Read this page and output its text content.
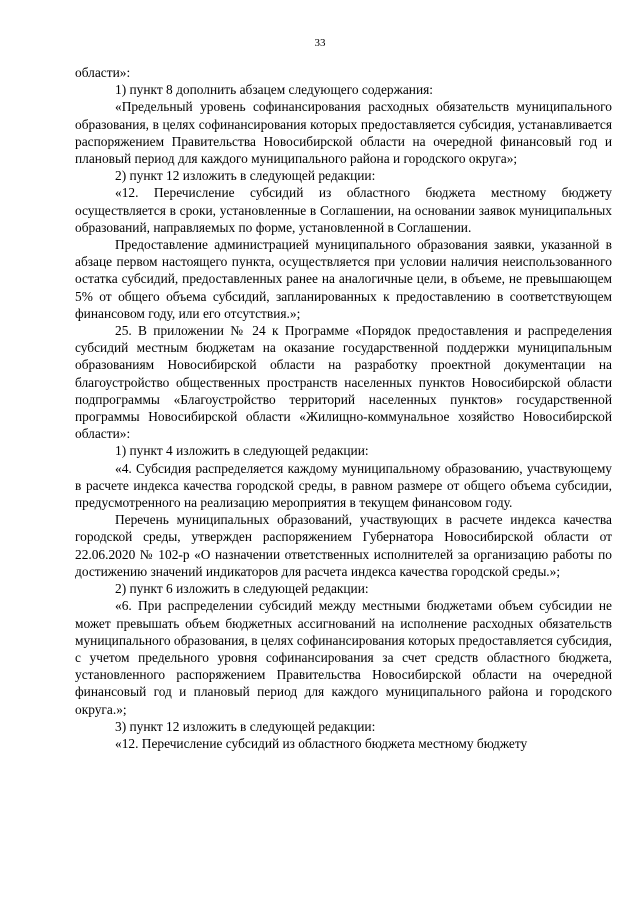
33

области»:

1) пункт 8 дополнить абзацем следующего содержания:

«Предельный уровень софинансирования расходных обязательств муниципального образования, в целях софинансирования которых предоставляется субсидия, устанавливается распоряжением Правительства Новосибирской области на очередной финансовый год и плановый период для каждого муниципального района и городского округа»;

2) пункт 12 изложить в следующей редакции:

«12. Перечисление субсидий из областного бюджета местному бюджету осуществляется в сроки, установленные в Соглашении, на основании заявок муниципальных образований, направляемых по форме, установленной в Соглашении.

Предоставление администрацией муниципального образования заявки, указанной в абзаце первом настоящего пункта, осуществляется при условии наличия неиспользованного остатка субсидий, предоставленных ранее на аналогичные цели, в объеме, не превышающем 5% от общего объема субсидий, запланированных к предоставлению в соответствующем финансовом году, или его отсутствия.»;

25. В приложении № 24 к Программе «Порядок предоставления и распределения субсидий местным бюджетам на оказание государственной поддержки муниципальным образованиям Новосибирской области на разработку проектной документации на благоустройство общественных пространств населенных пунктов Новосибирской области подпрограммы «Благоустройство территорий населенных пунктов» государственной программы Новосибирской области «Жилищно-коммунальное хозяйство Новосибирской области»:

1) пункт 4 изложить в следующей редакции:

«4. Субсидия распределяется каждому муниципальному образованию, участвующему в расчете индекса качества городской среды, в равном размере от общего объема субсидии, предусмотренного на реализацию мероприятия в текущем финансовом году.

Перечень муниципальных образований, участвующих в расчете индекса качества городской среды, утвержден распоряжением Губернатора Новосибирской области от 22.06.2020 № 102-р «О назначении ответственных исполнителей за организацию работы по достижению значений индикаторов для расчета индекса качества городской среды.»;

2) пункт 6 изложить в следующей редакции:

«6. При распределении субсидий между местными бюджетами объем субсидии не может превышать объем бюджетных ассигнований на исполнение расходных обязательств муниципального образования, в целях софинансирования которых предоставляется субсидия, с учетом предельного уровня софинансирования за счет средств областного бюджета, установленного распоряжением Правительства Новосибирской области на очередной финансовый год и плановый период для каждого муниципального района и городского округа.»;

3) пункт 12 изложить в следующей редакции:

«12. Перечисление субсидий из областного бюджета местному бюджету
